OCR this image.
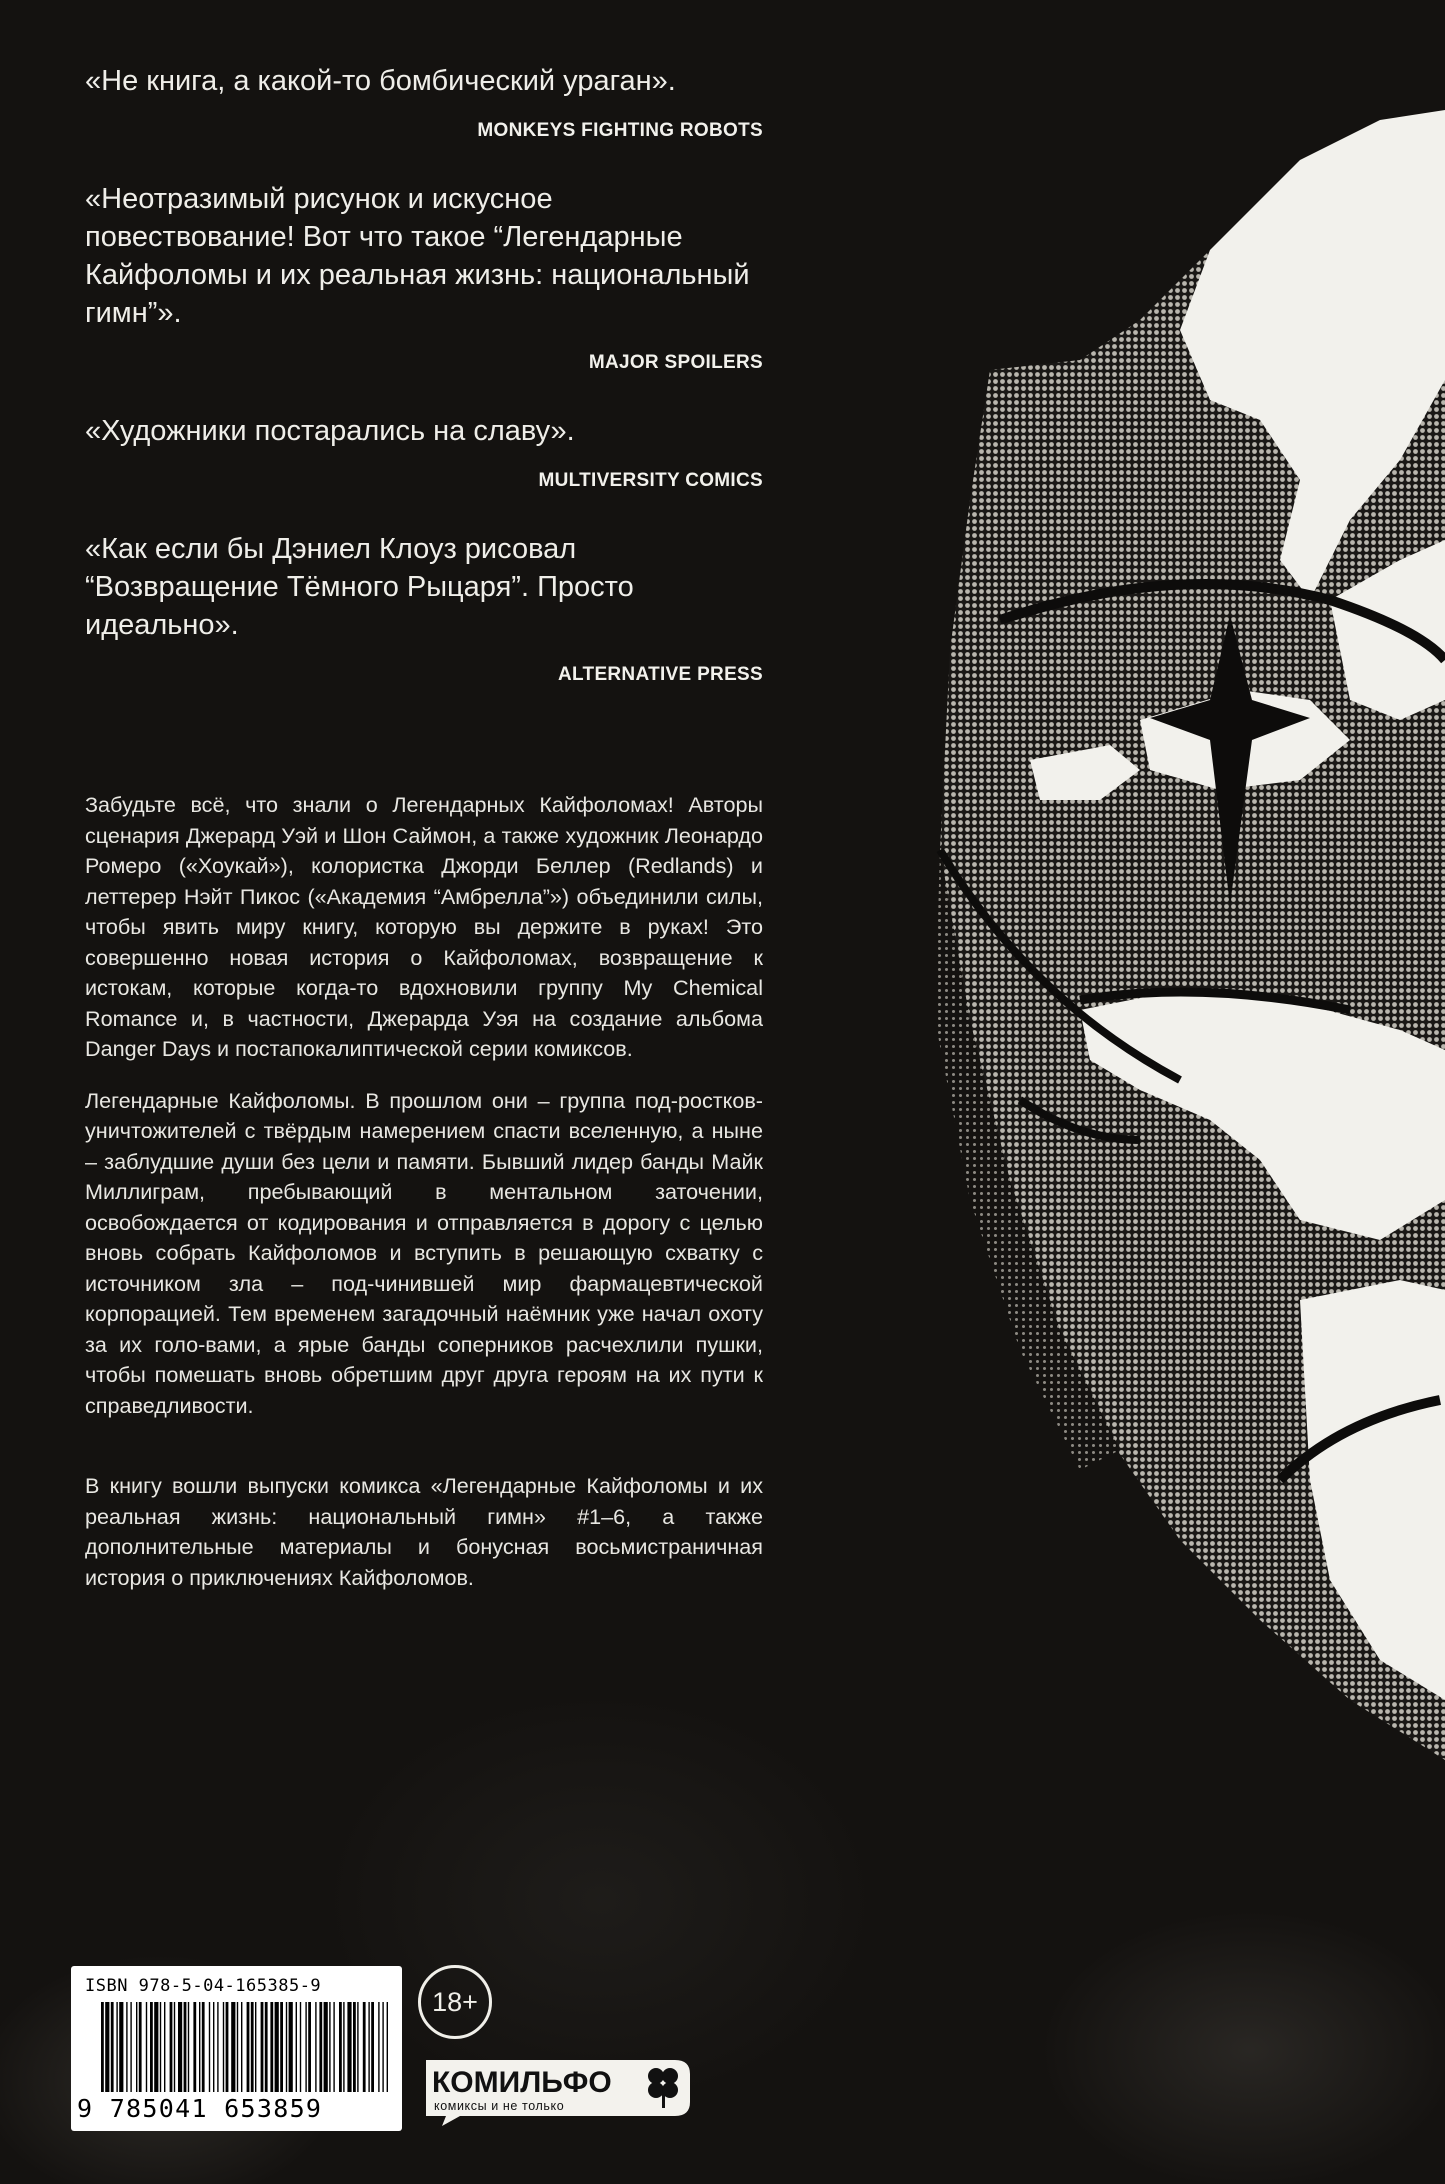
«Не книга, а какой-то бомбический ураган».

MONKEYS FIGHTING ROBOTS

«Неотразимый рисунок и искусное повествование! Вот что такое “Легендарные Кайфоломы и их реальная жизнь: национальный гимн”».

MAJOR SPOILERS

«Художники постарались на славу».

MULTIVERSITY COMICS

«Как если бы Дэниел Клоуз рисовал “Возвращение Тёмного Рыцаря”. Просто идеально».

ALTERNATIVE PRESS

Забудьте всё, что знали о Легендарных Кайфоломах! Авторы сценария Джерард Уэй и Шон Саймон, а также художник Леонардо Ромеро («Хоукай»), колористка Джорди Беллер (Redlands) и леттерер Нэйт Пикос («Академия “Амбрелла”») объединили силы, чтобы явить миру книгу, которую вы держите в руках! Это совершенно новая история о Кайфоломах, возвращение к истокам, которые когда-то вдохновили группу My Chemical Romance и, в частности, Джерарда Уэя на создание альбома Danger Days и постапокалиптической серии комиксов.

Легендарные Кайфоломы. В прошлом они – группа под-ростков-уничтожителей с твёрдым намерением спасти вселенную, а ныне – заблудшие души без цели и памяти. Бывший лидер банды Майк Миллиграм, пребывающий в ментальном заточении, освобождается от кодирования и отправляется в дорогу с целью вновь собрать Кайфоломов и вступить в решающую схватку с источником зла – под-чинившей мир фармацевтической корпорацией. Тем временем загадочный наёмник уже начал охоту за их голо-вами, а ярые банды соперников расчехлили пушки, чтобы помешать вновь обретшим друг друга героям на их пути к справедливости.

В книгу вошли выпуски комикса «Легендарные Кайфоломы и их реальная жизнь: национальный гимн» #1–6, а также дополнительные материалы и бонусная восьмистраничная история о приключениях Кайфоломов.

ISBN 978-5-04-165385-9
9 785041 653859
18+
КОМИЛЬФО
комиксы и не только
